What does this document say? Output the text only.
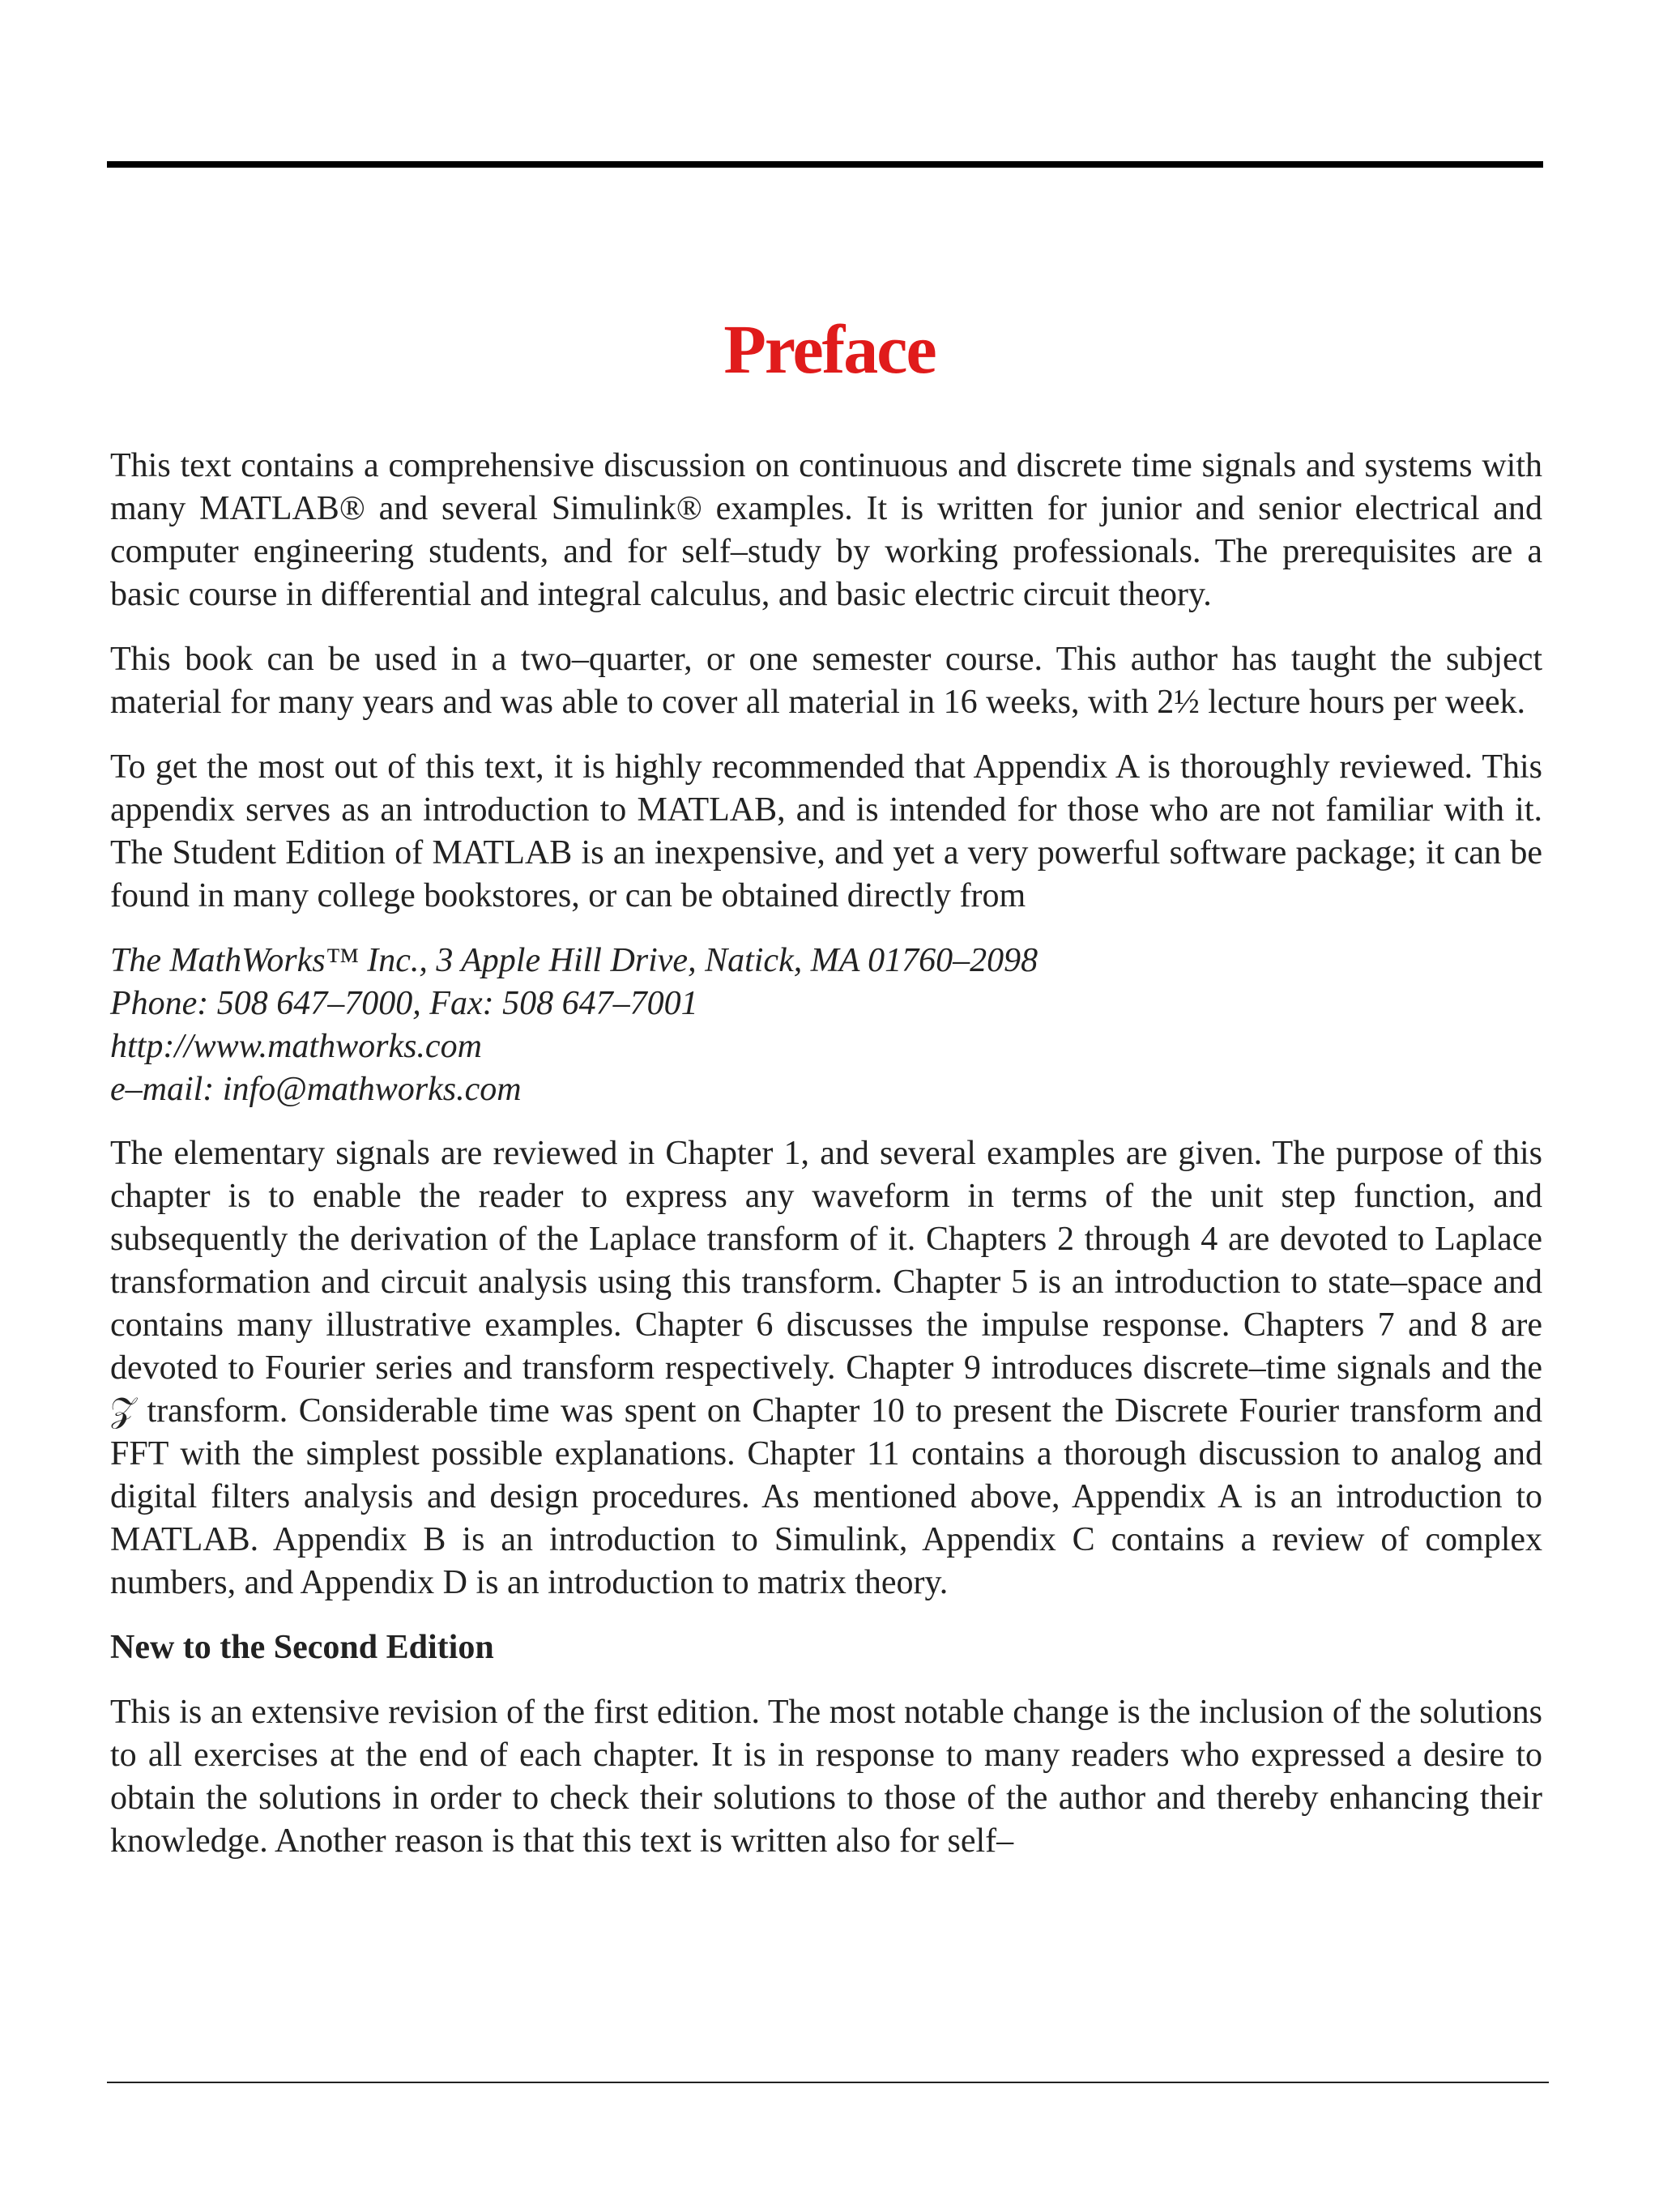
Preface

This text contains a comprehensive discussion on continuous and discrete time signals and systems with many MATLAB® and several Simulink® examples. It is written for junior and senior electrical and computer engineering students, and for self–study by working professionals. The prerequisites are a basic course in differential and integral calculus, and basic electric circuit theory.

This book can be used in a two–quarter, or one semester course. This author has taught the subject material for many years and was able to cover all material in 16 weeks, with 2½ lecture hours per week.

To get the most out of this text, it is highly recommended that Appendix A is thoroughly reviewed. This appendix serves as an introduction to MATLAB, and is intended for those who are not familiar with it. The Student Edition of MATLAB is an inexpensive, and yet a very powerful software package; it can be found in many college bookstores, or can be obtained directly from

The MathWorks™ Inc., 3 Apple Hill Drive, Natick, MA 01760–2098
Phone: 508 647–7000, Fax: 508 647–7001
http://www.mathworks.com
e–mail: info@mathworks.com

The elementary signals are reviewed in Chapter 1, and several examples are given. The purpose of this chapter is to enable the reader to express any waveform in terms of the unit step function, and subsequently the derivation of the Laplace transform of it. Chapters 2 through 4 are devoted to Laplace transformation and circuit analysis using this transform. Chapter 5 is an introduction to state–space and contains many illustrative examples. Chapter 6 discusses the impulse response. Chapters 7 and 8 are devoted to Fourier series and transform respectively. Chapter 9 introduces discrete–time signals and the 𝒵 transform. Considerable time was spent on Chapter 10 to present the Discrete Fourier transform and FFT with the simplest possible explanations. Chapter 11 contains a thorough discussion to analog and digital filters analysis and design procedures. As mentioned above, Appendix A is an introduction to MATLAB. Appendix B is an introduction to Simulink, Appendix C contains a review of complex numbers, and Appendix D is an introduction to matrix theory.

New to the Second Edition

This is an extensive revision of the first edition. The most notable change is the inclusion of the solutions to all exercises at the end of each chapter. It is in response to many readers who expressed a desire to obtain the solutions in order to check their solutions to those of the author and thereby enhancing their knowledge. Another reason is that this text is written also for self–
